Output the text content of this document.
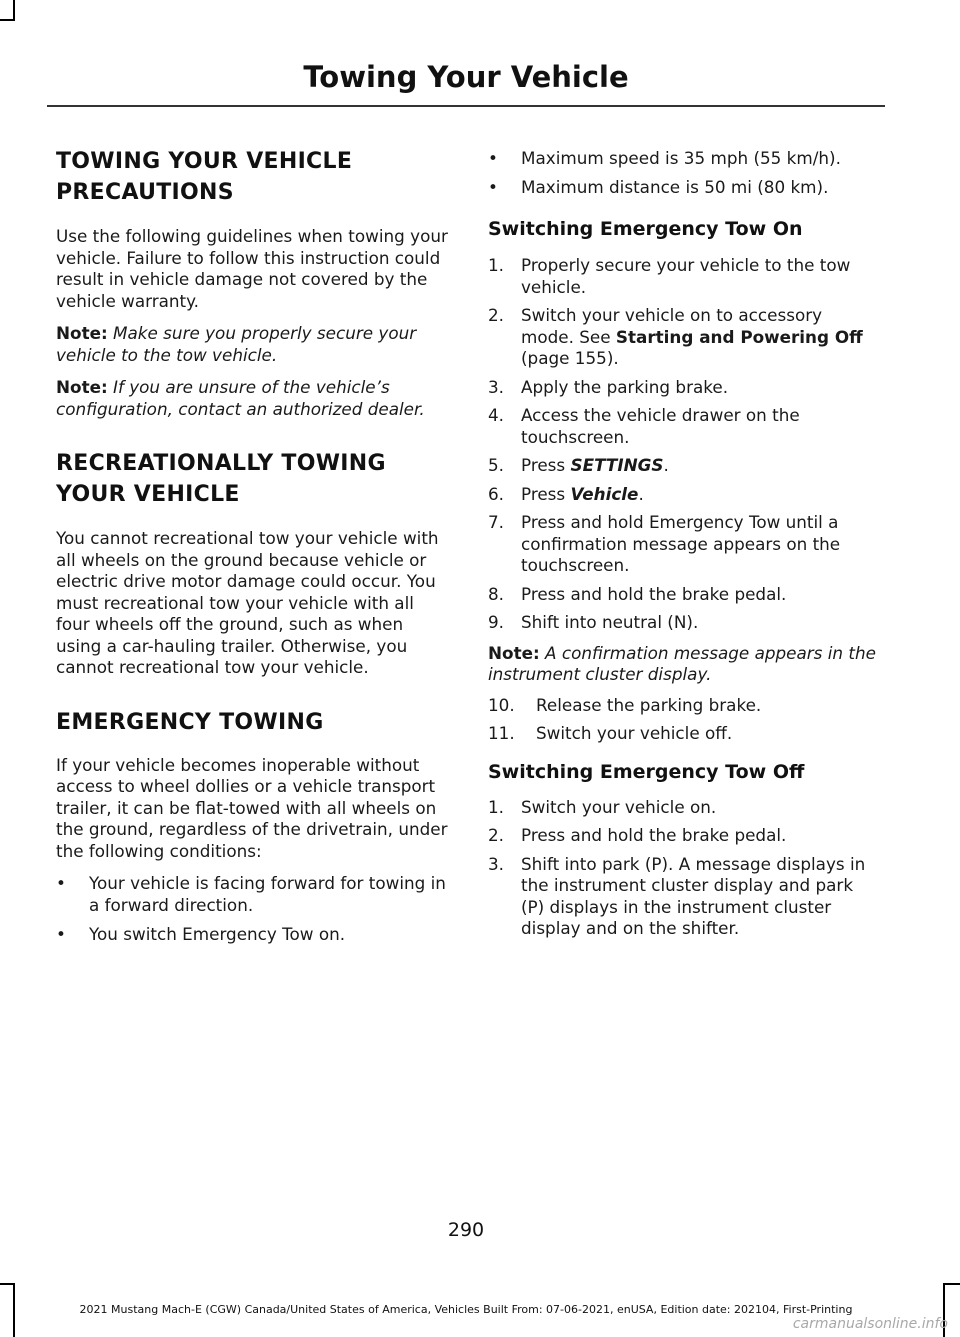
Towing Your Vehicle
TOWING YOUR VEHICLE
PRECAUTIONS

Use the following guidelines when towing your vehicle. Failure to follow this instruction could result in vehicle damage not covered by the vehicle warranty.

Note: Make sure you properly secure your vehicle to the tow vehicle.

Note: If you are unsure of the vehicle’s configuration, contact an authorized dealer.

RECREATIONALLY TOWING
YOUR VEHICLE

You cannot recreational tow your vehicle with all wheels on the ground because vehicle or electric drive motor damage could occur. You must recreational tow your vehicle with all four wheels off the ground, such as when using a car-hauling trailer. Otherwise, you cannot recreational tow your vehicle.

EMERGENCY TOWING

If your vehicle becomes inoperable without access to wheel dollies or a vehicle transport trailer, it can be flat-towed with all wheels on the ground, regardless of the drivetrain, under the following conditions:

•	Your vehicle is facing forward for towing in a forward direction.
•	You switch Emergency Tow on.
•	Maximum speed is 35 mph (55 km/h).
•	Maximum distance is 50 mi (80 km).
Switching Emergency Tow On
1.	Properly secure your vehicle to the tow vehicle.
2.	Switch your vehicle on to accessory mode. See Starting and Powering Off (page 155).
3.	Apply the parking brake.
4.	Access the vehicle drawer on the touchscreen.
5.	Press SETTINGS.
6.	Press Vehicle.
7.	Press and hold Emergency Tow until a confirmation message appears on the touchscreen.
8.	Press and hold the brake pedal.
9.	Shift into neutral (N).

Note: A confirmation message appears in the instrument cluster display.

10.	Release the parking brake.
11.	Switch your vehicle off.
Switching Emergency Tow Off
1.	Switch your vehicle on.
2.	Press and hold the brake pedal.
3.	Shift into park (P). A message displays in the instrument cluster display and park (P) displays in the instrument cluster display and on the shifter.
290
2021 Mustang Mach-E (CGW) Canada/United States of America, Vehicles Built From: 07-06-2021, enUSA, Edition date: 202104, First-Printing
carmanualsonline.info
